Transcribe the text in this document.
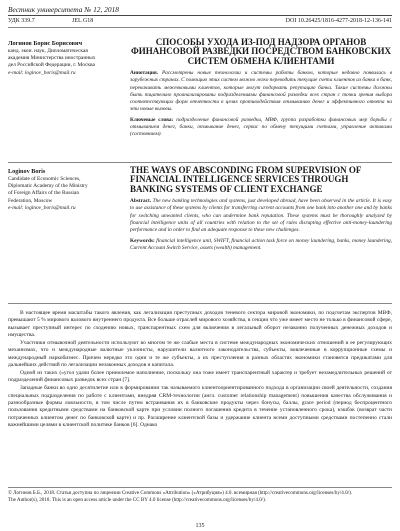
Вестник университета № 12, 2018
УДК 339.7	JEL G18	DOI 10.26425/1816-4277-2018-12-136-141
Логинов Борис Борисович
канд. экон. наук, Дипломатическая
академия Министерства иностранных
дел Российской Федерации, г. Москва
e-mail: loginov_boris@mail.ru
Loginov Boris
Candidate of Economic Sciences,
Diplomatic Academy of the Ministry
of Foreign Affairs of the Russian
Federation, Moscow
e-mail: loginov_boris@mail.ru
СПОСОБЫ УХОДА ИЗ-ПОД НАДЗОРА ОРГАНОВ ФИНАНСОВОЙ РАЗВЕДКИ ПОСРЕДСТВОМ БАНКОВСКИХ СИСТЕМ ОБМЕНА КЛИЕНТАМИ
Аннотация. Рассмотрены новые технологии и системы работы банков, которые недавно появились в зарубежных странах. С помощью этих систем можно легко переводить текущие счета клиентов из банка в банк, перекачивать межевковыми клиентов, которые могут подорвать репутацию банка. Такие системы должны быть тщательно проанализированы подразделениями финансовой разведки всех стран с точки зрения выбора соответствующих форм отчетности в целях противодействия отмыванию денег и эффективного ответа на эти новые вызовы.
Ключевые слова: подразделение финансовой разведки, МВФ, группа разработки финансовых мер борьбы с отмыванием денег, банки, отмывание денег, сервис по обмену текущими счетами, управление активами (состоянием).
THE WAYS OF ABSCONDING FROM SUPERVISION OF FINANCIAL INTELLIGENCE SERVICES THROUGH BANKING SYSTEMS OF CLIENT EXCHANGE
Abstract. The new banking technologies and systems, just developed abroad, have been observed in the article. It is easy to use assistance of these systems by clients for transferring current accounts from one bank into another one and by banks for switching unwanted clients, who can undermine bank reputation. These systems must be thoroughly analyzed by financial intelligence units of all countries with relation to the set of rules disrupting effective anti-money-laundering performance and in order to find an adequate response to these new challenges.
Keywords: financial intelligence unit, SWIFT, financial action task force on money laundering, banks, money laundering, Current Account Switch Service, assets (wealth) management.

В настоящее время масштабы такого явления, как легализация преступных доходов теневого сектора мировой экономики, по подсчетам экспертов МВФ, превышают 5 % мирового валового внутреннего продукта. Все больше отраслей мирового хозяйства, в секции что уже имеет место не только в финансовой сфере, вызывает преступный интерес по сходению новых, транспарентных схем для включения в легальный оборот незаконно полученных денежных доходов и имущества.

Участники отмывочной деятельности используют во многом те же слабые места в системе международных экономических отношений и ее регулирующих механизмах, что и международные валютные уклонисты, нарушители валютного законодательства, субъекты, вовлеченные в коррупционные схемы и международный наркобизнес. Причем нередко это одни и те же субъекты, а их преступления в разных областях экономики становятся предикатами для дальнейших действий по легализации незаконных доходов и капитала.

Одной из таких («угол удачи более приемлемое наполнение, поскольку она тоже имеет транспарентный характер и требует незамедлительных решений от подразделений финансовых разведок всех стран [7].

Западные банки во одно десятилетие или в формировании так называемого клиентоориентированного подхода в организации своей деятельности, создания специальных подразделения по работе с клиентами, внедряя CRM-технологии (англ. customer relationship management) повышения качества обслуживания и разнообразные формы лояльности, в том числе путем встраивания их в банковские продукты через бонусы, баллы, grace period (период беспроцентного пользования кредитными средствами на банковской карте при условии полного погашения кредита в течение установленного срока), кэшбэк (возврат части потраченных клиентом денег по банковской карте) и пр. Расширение клиентской базы и удержание клиента всеми доступными средствами постепенно стали важнейшими целями в клиентской политике банков [6]. Однако

© Логинов Б.Б., 2018. Статья доступна по лицензии Creative Commons «Attribution» («Атрибуция») 4.0. всемирная (http://creativecommons.org/licenses/by/4.0/).

The Author(s), 2018. This is an open access article under the CC BY 4.0 license (http://creativecommons.org/licenses/by/4.0/).

135
